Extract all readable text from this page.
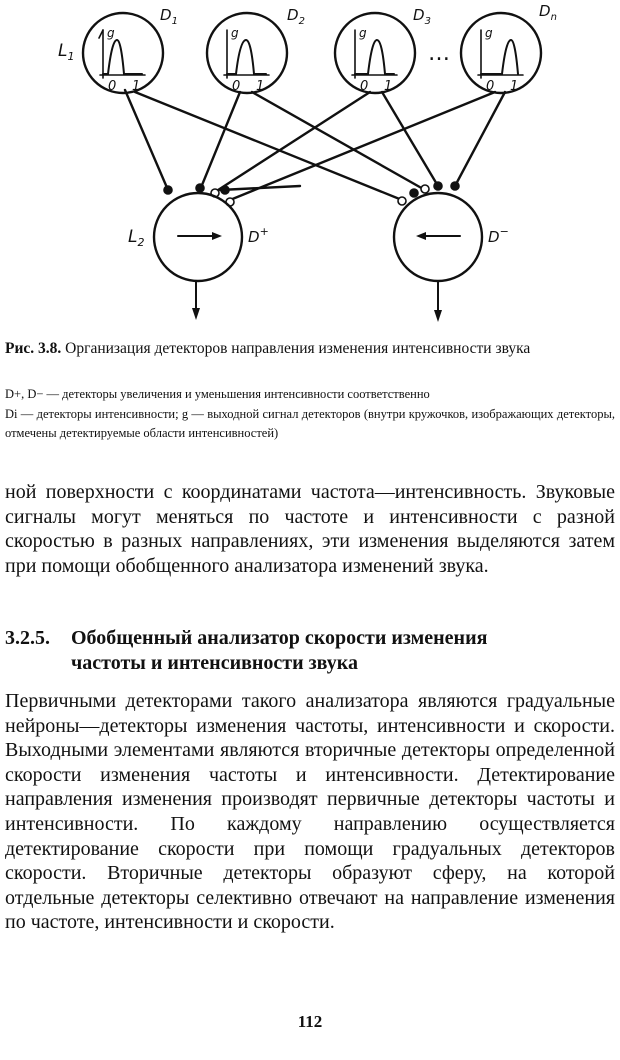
$L_1$
$L_2$
$D_1$	$D_2$	$D_3$
$D_n$
D+	D−
…
g
0 1
g
0 1
g
0 1
g
0 1
Рис. 3.8. Организация детекторов направления изменения интенсивности звука

D+, D− — детекторы увеличения и уменьшения интенсивности соответственно

Di — детекторы интенсивности; g — выходной сигнал детекторов (внутри кружочков, изображающих детекторы, отмечены детектируемые области интенсивностей)

ной поверхности с координатами частота—интенсивность. Звуковые сигналы могут меняться по частоте и интенсивности с разной скоростью в разных направлениях, эти изменения выделяются затем при помощи обобщенного анализатора изменений звука.

3.2.5. Обобщенный анализатор скорости изменения
частоты и интенсивности звука

Первичными детекторами такого анализатора являются градуальные нейроны—детекторы изменения частоты, интенсивности и скорости. Выходными элементами являются вторичные детекторы определенной скорости изменения частоты и интенсивности. Детектирование направления изменения производят первичные детекторы частоты и интенсивности. По каждому направлению осуществляется детектирование скорости при помощи градуальных детекторов скорости. Вторичные детекторы образуют сферу, на которой отдельные детекторы селективно отвечают на направление изменения по частоте, интенсивности и скорости.

112
